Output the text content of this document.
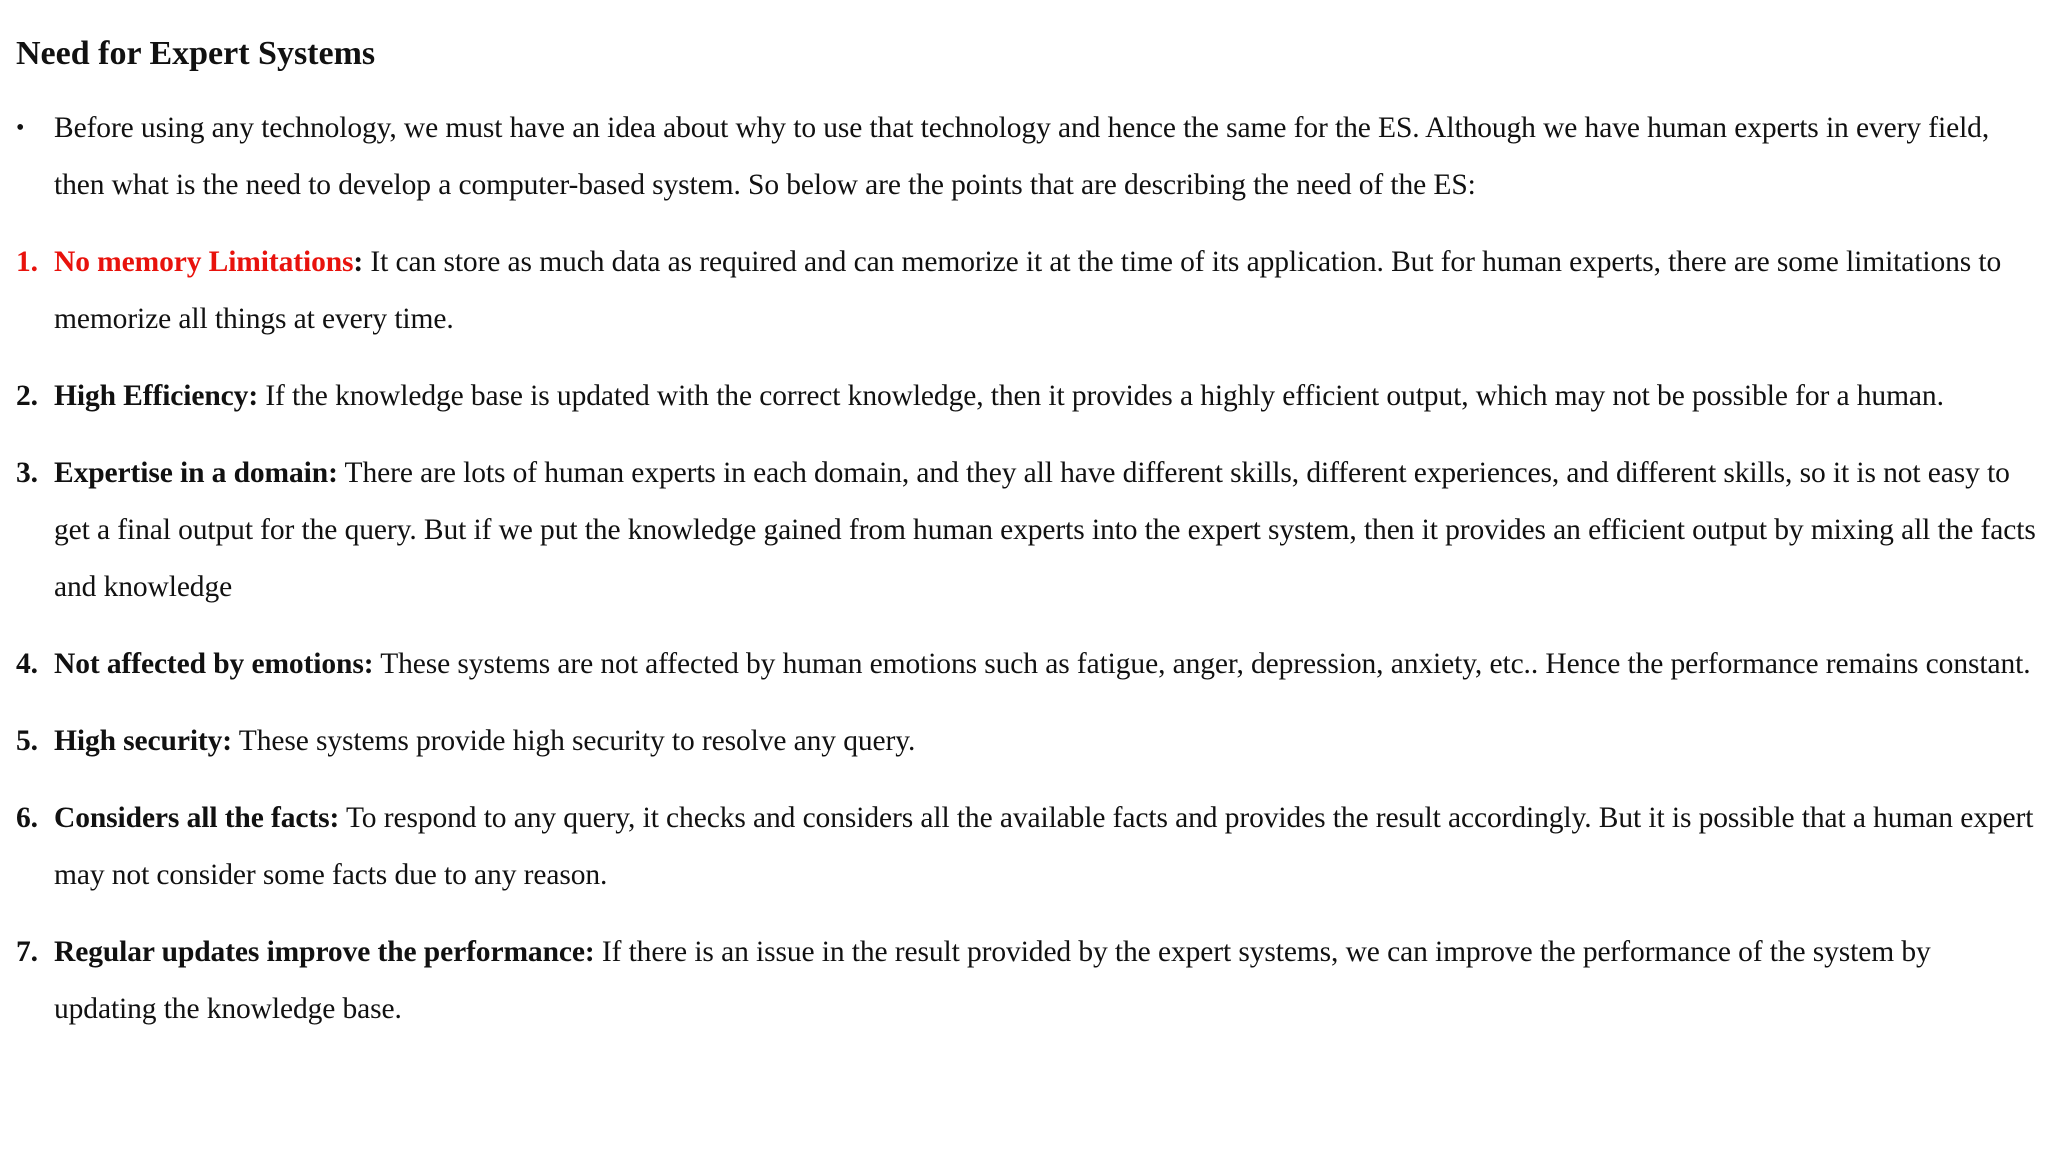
Need for Expert Systems
• Before using any technology, we must have an idea about why to use that technology and hence the same for the ES. Although we have human experts in every field, then what is the need to develop a computer-based system. So below are the points that are describing the need of the ES:
1. No memory Limitations: It can store as much data as required and can memorize it at the time of its application. But for human experts, there are some limitations to memorize all things at every time.
2. High Efficiency: If the knowledge base is updated with the correct knowledge, then it provides a highly efficient output, which may not be possible for a human.
3. Expertise in a domain: There are lots of human experts in each domain, and they all have different skills, different experiences, and different skills, so it is not easy to get a final output for the query. But if we put the knowledge gained from human experts into the expert system, then it provides an efficient output by mixing all the facts and knowledge
4. Not affected by emotions: These systems are not affected by human emotions such as fatigue, anger, depression, anxiety, etc.. Hence the performance remains constant.
5. High security: These systems provide high security to resolve any query.
6. Considers all the facts: To respond to any query, it checks and considers all the available facts and provides the result accordingly. But it is possible that a human expert may not consider some facts due to any reason.
7. Regular updates improve the performance: If there is an issue in the result provided by the expert systems, we can improve the performance of the system by updating the knowledge base.
